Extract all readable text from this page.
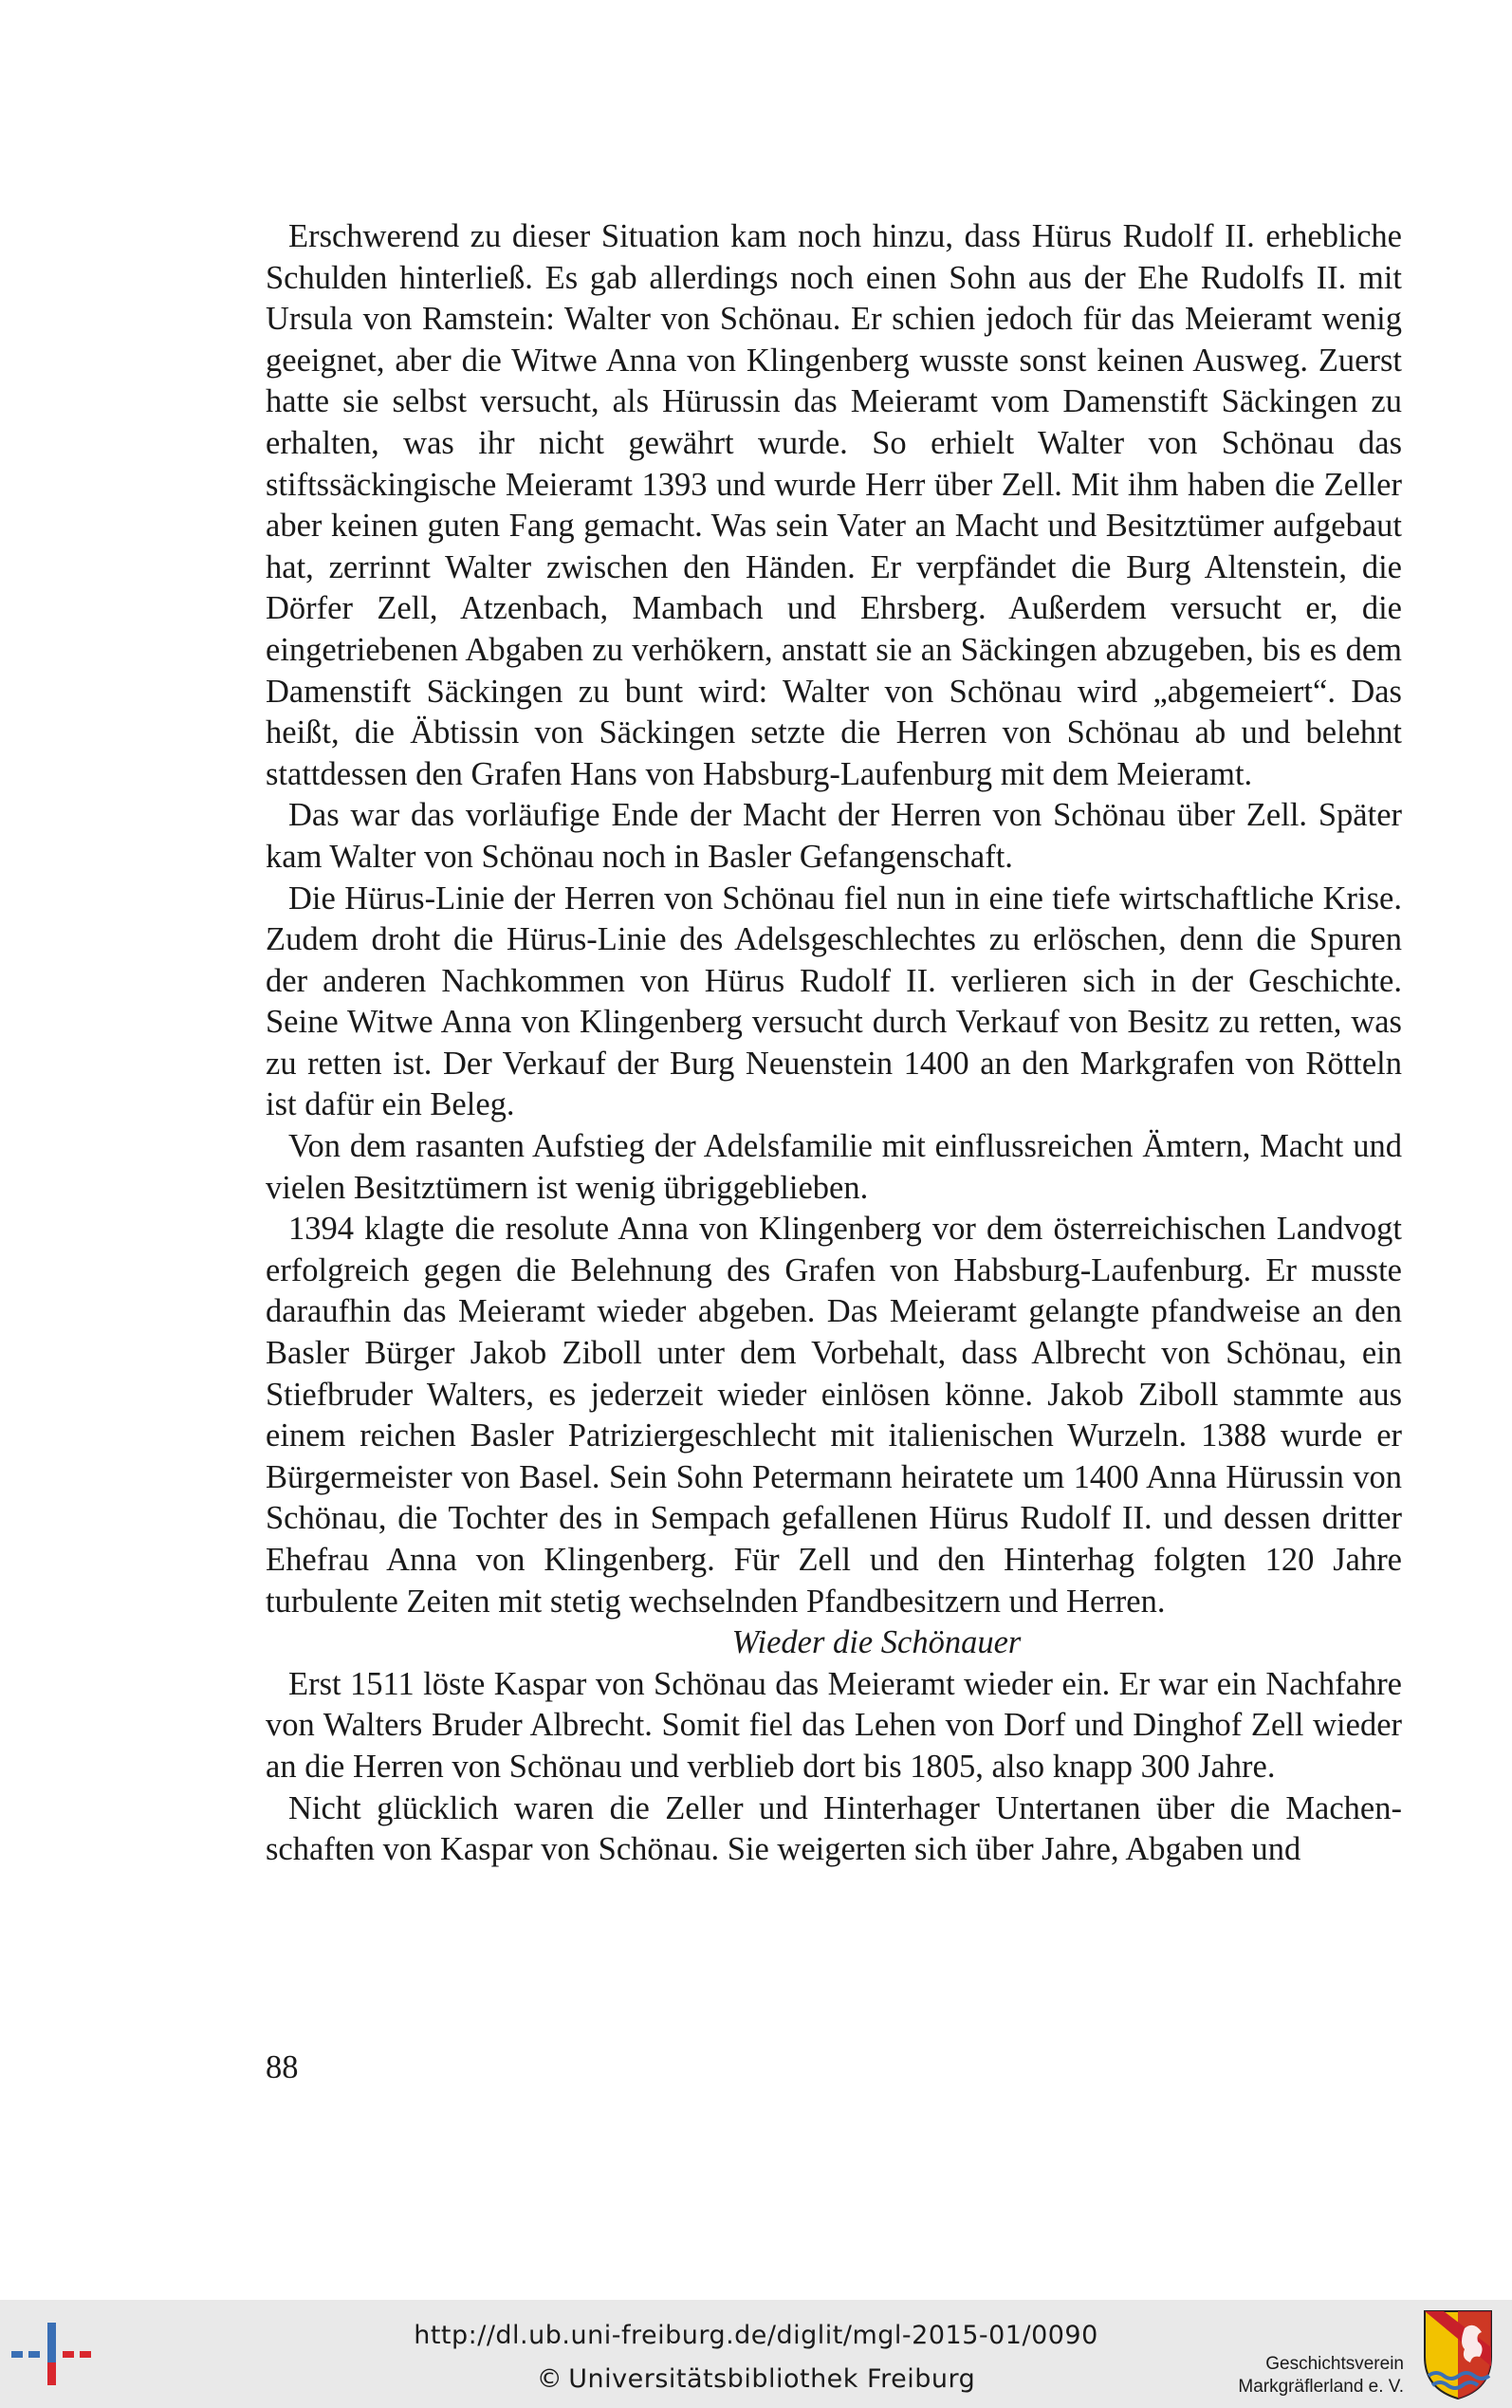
Erschwerend zu dieser Situation kam noch hinzu, dass Hürus Rudolf II. erhebliche Schulden hinterließ. Es gab allerdings noch einen Sohn aus der Ehe Rudolfs II. mit Ursula von Ramstein: Walter von Schönau. Er schien jedoch für das Meieramt wenig geeignet, aber die Witwe Anna von Klingenberg wusste sonst keinen Ausweg. Zuerst hatte sie selbst versucht, als Hürussin das Meieramt vom Damenstift Säckingen zu erhalten, was ihr nicht gewährt wurde. So erhielt Walter von Schönau das stiftssäckingische Meieramt 1393 und wurde Herr über Zell. Mit ihm haben die Zeller aber keinen guten Fang gemacht. Was sein Vater an Macht und Besitztümer aufgebaut hat, zerrinnt Walter zwischen den Händen. Er verpfändet die Burg Altenstein, die Dörfer Zell, Atzenbach, Mambach und Ehrsberg. Außerdem versucht er, die eingetriebenen Abgaben zu verhökern, anstatt sie an Säckingen abzugeben, bis es dem Damenstift Säckingen zu bunt wird: Walter von Schönau wird „abgemeiert“. Das heißt, die Äbtissin von Säckingen setzte die Herren von Schönau ab und belehnt stattdessen den Grafen Hans von Habsburg-Laufenburg mit dem Meieramt.

Das war das vorläufige Ende der Macht der Herren von Schönau über Zell. Später kam Walter von Schönau noch in Basler Gefangenschaft.

Die Hürus-Linie der Herren von Schönau fiel nun in eine tiefe wirtschaftliche Krise. Zudem droht die Hürus-Linie des Adelsgeschlechtes zu erlöschen, denn die Spuren der anderen Nachkommen von Hürus Rudolf II. verlieren sich in der Geschichte. Seine Witwe Anna von Klingenberg versucht durch Verkauf von Besitz zu retten, was zu retten ist. Der Verkauf der Burg Neuenstein 1400 an den Markgrafen von Rötteln ist dafür ein Beleg.

Von dem rasanten Aufstieg der Adelsfamilie mit einflussreichen Ämtern, Macht und vielen Besitztümern ist wenig übriggeblieben.

1394 klagte die resolute Anna von Klingenberg vor dem österreichischen Landvogt erfolgreich gegen die Belehnung des Grafen von Habsburg-Laufenburg. Er musste daraufhin das Meieramt wieder abgeben. Das Meieramt gelangte pfandweise an den Basler Bürger Jakob Ziboll unter dem Vorbehalt, dass Albrecht von Schönau, ein Stiefbruder Walters, es jederzeit wieder einlösen könne. Jakob Ziboll stammte aus einem reichen Basler Patriziergeschlecht mit italienischen Wurzeln. 1388 wurde er Bürgermeister von Basel. Sein Sohn Petermann heiratete um 1400 Anna Hürussin von Schönau, die Tochter des in Sempach gefallenen Hürus Rudolf II. und dessen dritter Ehefrau Anna von Klingenberg. Für Zell und den Hinterhag folgten 120 Jahre turbulente Zeiten mit stetig wechselnden Pfandbesitzern und Herren.

Wieder die Schönauer

Erst 1511 löste Kaspar von Schönau das Meieramt wieder ein. Er war ein Nachfahre von Walters Bruder Albrecht. Somit fiel das Lehen von Dorf und Dinghof Zell wieder an die Herren von Schönau und verblieb dort bis 1805, also knapp 300 Jahre.

Nicht glücklich waren die Zeller und Hinterhager Untertanen über die Machenschaften von Kaspar von Schönau. Sie weigerten sich über Jahre, Abgaben und

88
http://dl.ub.uni-freiburg.de/diglit/mgl-2015-01/0090
© Universitätsbibliothek Freiburg
Geschichtsverein
Markgräflerland e. V.
